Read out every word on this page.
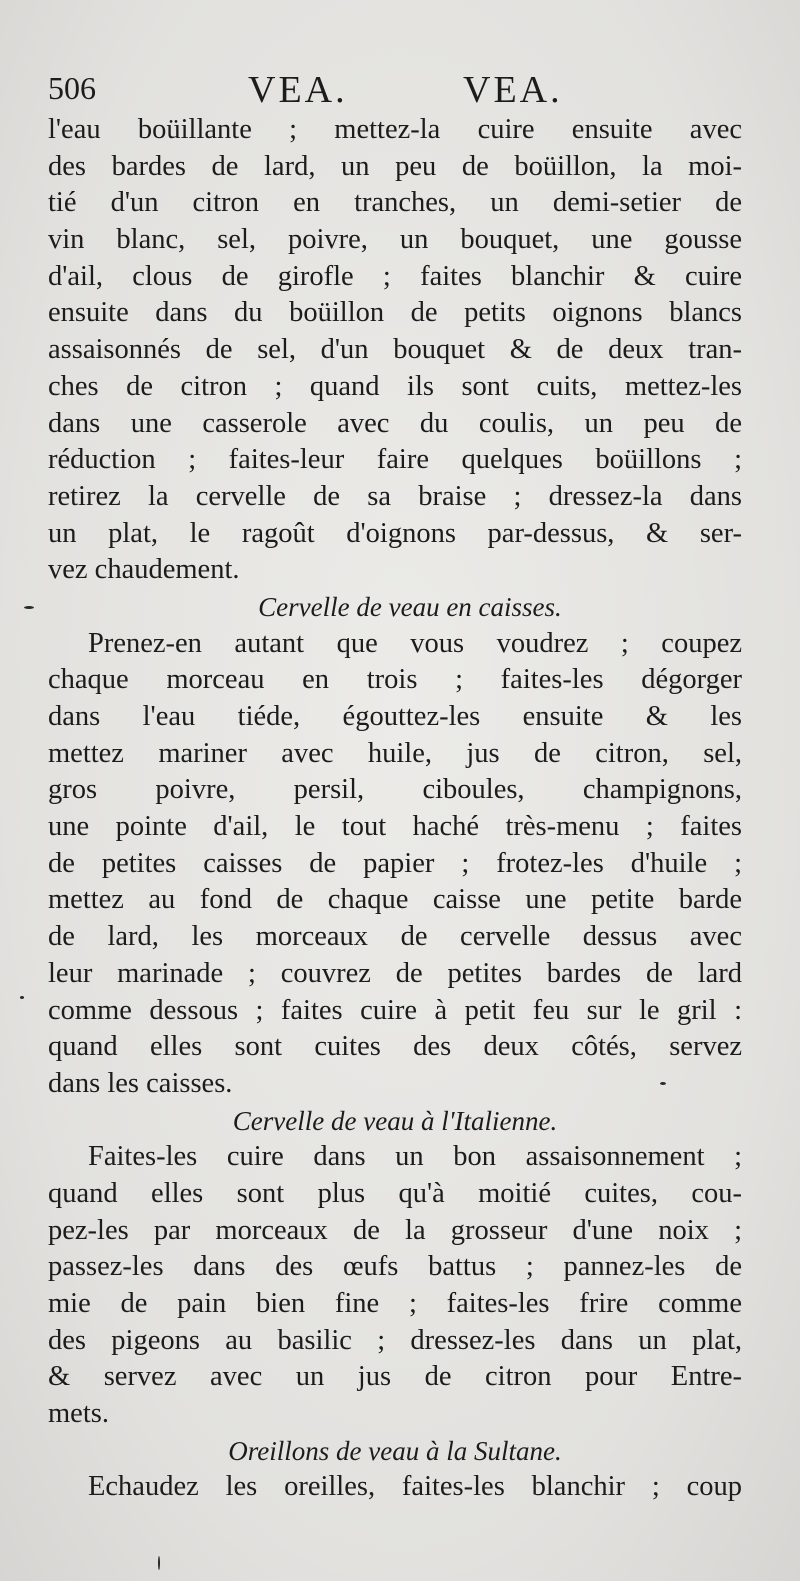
506	VEA.	VEA.
l'eau boüillante ; mettez-la cuire ensuite avec
des bardes de lard, un peu de boüillon, la moi-
tié d'un citron en tranches, un demi-setier de
vin blanc, sel, poivre, un bouquet, une gousse
d'ail, clous de girofle ; faites blanchir & cuire
ensuite dans du boüillon de petits oignons blancs
assaisonnés de sel, d'un bouquet & de deux tran-
ches de citron ; quand ils sont cuits, mettez-les
dans une casserole avec du coulis, un peu de
réduction ; faites-leur faire quelques boüillons ;
retirez la cervelle de sa braise ; dressez-la dans
un plat, le ragoût d'oignons par-dessus, & ser-
vez chaudement.
Cervelle de veau en caisses.
Prenez-en autant que vous voudrez ; coupez
chaque morceau en trois ; faites-les dégorger
dans l'eau tiéde, égouttez-les ensuite & les
mettez mariner avec huile, jus de citron, sel,
gros poivre, persil, ciboules, champignons,
une pointe d'ail, le tout haché très-menu ; faites
de petites caisses de papier ; frotez-les d'huile ;
mettez au fond de chaque caisse une petite barde
de lard, les morceaux de cervelle dessus avec
leur marinade ; couvrez de petites bardes de lard
comme dessous ; faites cuire à petit feu sur le gril :
quand elles sont cuites des deux côtés, servez
dans les caisses.
Cervelle de veau à l'Italienne.
Faites-les cuire dans un bon assaisonnement ;
quand elles sont plus qu'à moitié cuites, cou-
pez-les par morceaux de la grosseur d'une noix ;
passez-les dans des œufs battus ; pannez-les de
mie de pain bien fine ; faites-les frire comme
des pigeons au basilic ; dressez-les dans un plat,
& servez avec un jus de citron pour Entre-
mets.
Oreillons de veau à la Sultane.
Echaudez les oreilles, faites-les blanchir ; coup
